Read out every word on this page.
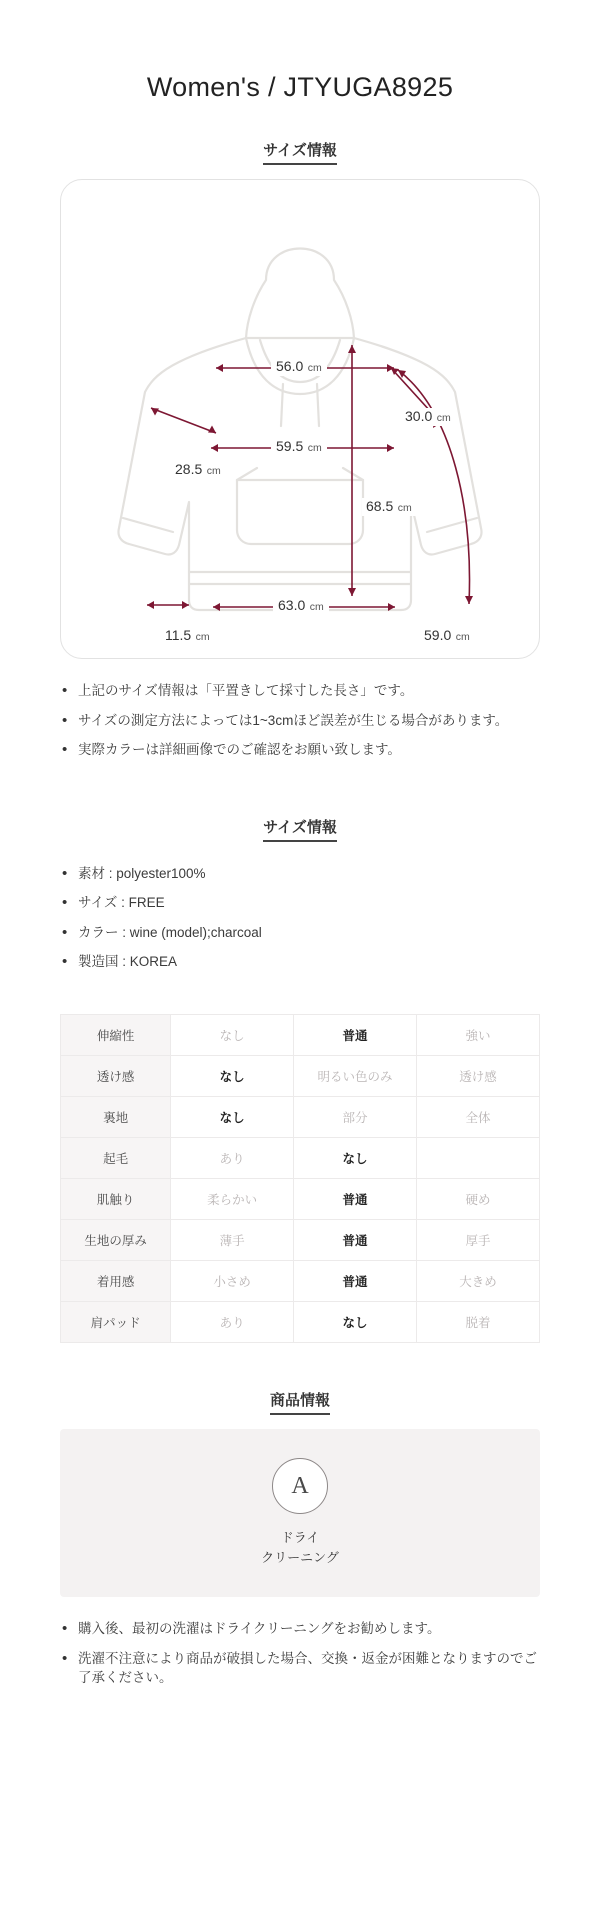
Women's / JTYUGA8925
サイズ情報
56.0 cm
30.0 cm
59.5 cm
28.5 cm
68.5 cm
63.0 cm
11.5 cm	59.0 cm
• 上記のサイズ情報は「平置きして採寸した長さ」です。
• サイズの測定方法によっては1~3cmほど誤差が生じる場合があります。
• 実際カラーは詳細画像でのご確認をお願い致します。
サイズ情報
• 素材 : polyester100%
• サイズ : FREE
• カラー : wine (model);charcoal
• 製造国 : KOREA
伸縮性	なし	普通	強い
透け感	なし	明るい色のみ	透け感
裏地	なし	部分	全体
起毛	あり	なし	
肌触り	柔らかい	普通	硬め
生地の厚み	薄手	普通	厚手
着用感	小さめ	普通	大きめ
肩パッド	あり	なし	脱着
商品情報
A
ドライ
クリーニング
• 購入後、最初の洗濯はドライクリーニングをお勧めします。
• 洗濯不注意により商品が破損した場合、交換・返金が困難となりますのでご了承ください。
